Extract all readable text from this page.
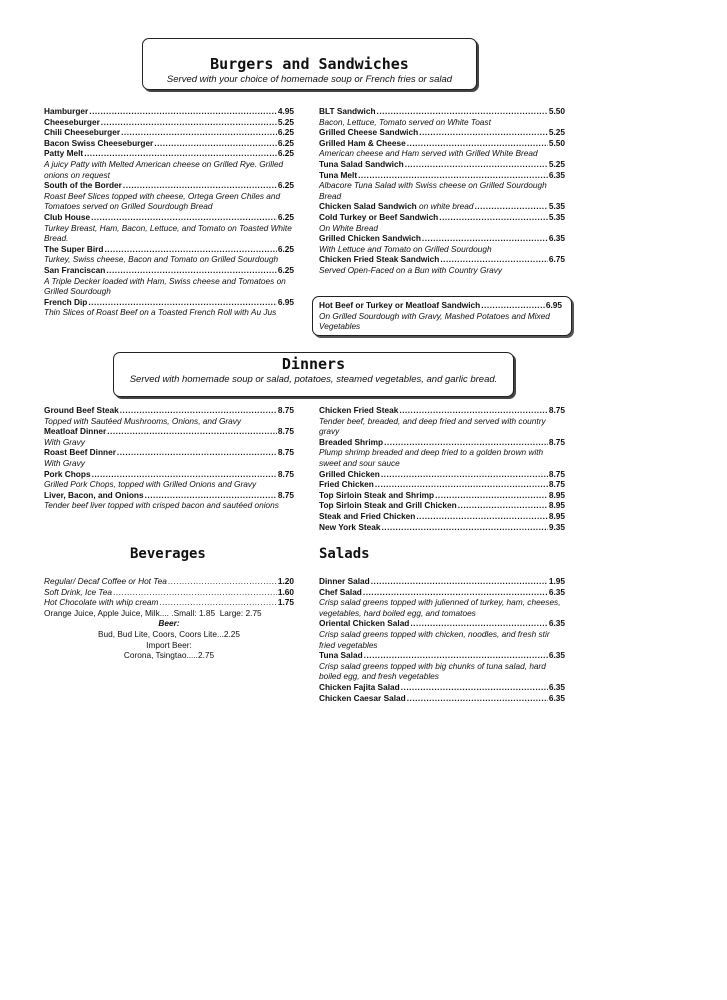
Burgers and Sandwiches
Served with your choice of homemade soup or French fries or salad
Hamburger .....	4.95
Cheeseburger .....	5.25
Chili Cheeseburger .....	6.25
Bacon Swiss Cheeseburger .....	6.25
Patty Melt .....	6.25
A juicy Patty with Melted American cheese on Grilled Rye. Grilled onions on request
South of the Border .....	6.25
Roast Beef Slices topped with cheese, Ortega Green Chiles and Tomatoes served on Grilled Sourdough Bread
Club House .....	6.25
Turkey Breast, Ham, Bacon, Lettuce, and Tomato on Toasted White Bread.
The Super Bird .....	6.25
Turkey, Swiss cheese, Bacon and Tomato on Grilled Sourdough
San Franciscan .....	6.25
A Triple Decker loaded with Ham, Swiss cheese and Tomatoes on Grilled Sourdough
French Dip .....	6.95
Thin Slices of Roast Beef on a Toasted French Roll with Au Jus
BLT Sandwich .....	5.50
Bacon, Lettuce, Tomato served on White Toast
Grilled Cheese Sandwich .....	5.25
Grilled Ham & Cheese .....	5.50
American cheese and Ham served with Grilled White Bread
Tuna Salad Sandwich .....	5.25
Tuna Melt .....	6.35
Albacore Tuna Salad with Swiss cheese on Grilled Sourdough Bread
Chicken Salad Sandwich on white bread .....	5.35
Cold Turkey or Beef Sandwich .....	5.35
On White Bread
Grilled Chicken Sandwich .....	6.35
With Lettuce and Tomato on Grilled Sourdough
Chicken Fried Steak Sandwich .....	6.75
Served Open-Faced on a Bun with Country Gravy
Hot Beef or Turkey or Meatloaf Sandwich .....	6.95
On Grilled Sourdough with Gravy, Mashed Potatoes and Mixed Vegetables
Dinners
Served with homemade soup or salad, potatoes, steamed vegetables, and garlic bread.
Ground Beef Steak .....	8.75
Topped with Sautéed Mushrooms, Onions, and Gravy
Meatloaf Dinner .....	8.75
With Gravy
Roast Beef Dinner .....	8.75
With Gravy
Pork Chops .....	8.75
Grilled Pork Chops, topped with Grilled Onions and Gravy
Liver, Bacon, and Onions .....	8.75
Tender beef liver topped with crisped bacon and sautéed onions
Chicken Fried Steak .....	8.75
Tender beef, breaded, and deep fried and served with country gravy
Breaded Shrimp .....	8.75
Plump shrimp breaded and deep fried to a golden brown with sweet and sour sauce
Grilled Chicken .....	8.75
Fried Chicken .....	8.75
Top Sirloin Steak and Shrimp .....	8.95
Top Sirloin Steak and Grill Chicken .....	8.95
Steak and Fried Chicken .....	8.95
New York Steak .....	9.35
Beverages
Regular/ Decaf Coffee or Hot Tea .....	1.20
Soft Drink, Ice Tea .....	1.60
Hot Chocolate with whip cream .....	1.75
Orange Juice, Apple Juice, Milk.... .Small: 1.85  Large: 2.75
Beer:
Bud, Bud Lite, Coors, Coors Lite...2.25
Import Beer:
Corona, Tsingtao.....2.75
Salads
Dinner Salad .....	1.95
Chef Salad .....	6.35
Crisp salad greens topped with julienned of turkey, ham, cheeses, vegetables, hard boiled egg, and tomatoes
Oriental Chicken Salad .....	6.35
Crisp salad greens topped with chicken, noodles, and fresh stir fried vegetables
Tuna Salad .....	6.35
Crisp salad greens topped with big chunks of tuna salad, hard boiled egg, and fresh vegetables
Chicken Fajita Salad .....	6.35
Chicken Caesar Salad .....	6.35
